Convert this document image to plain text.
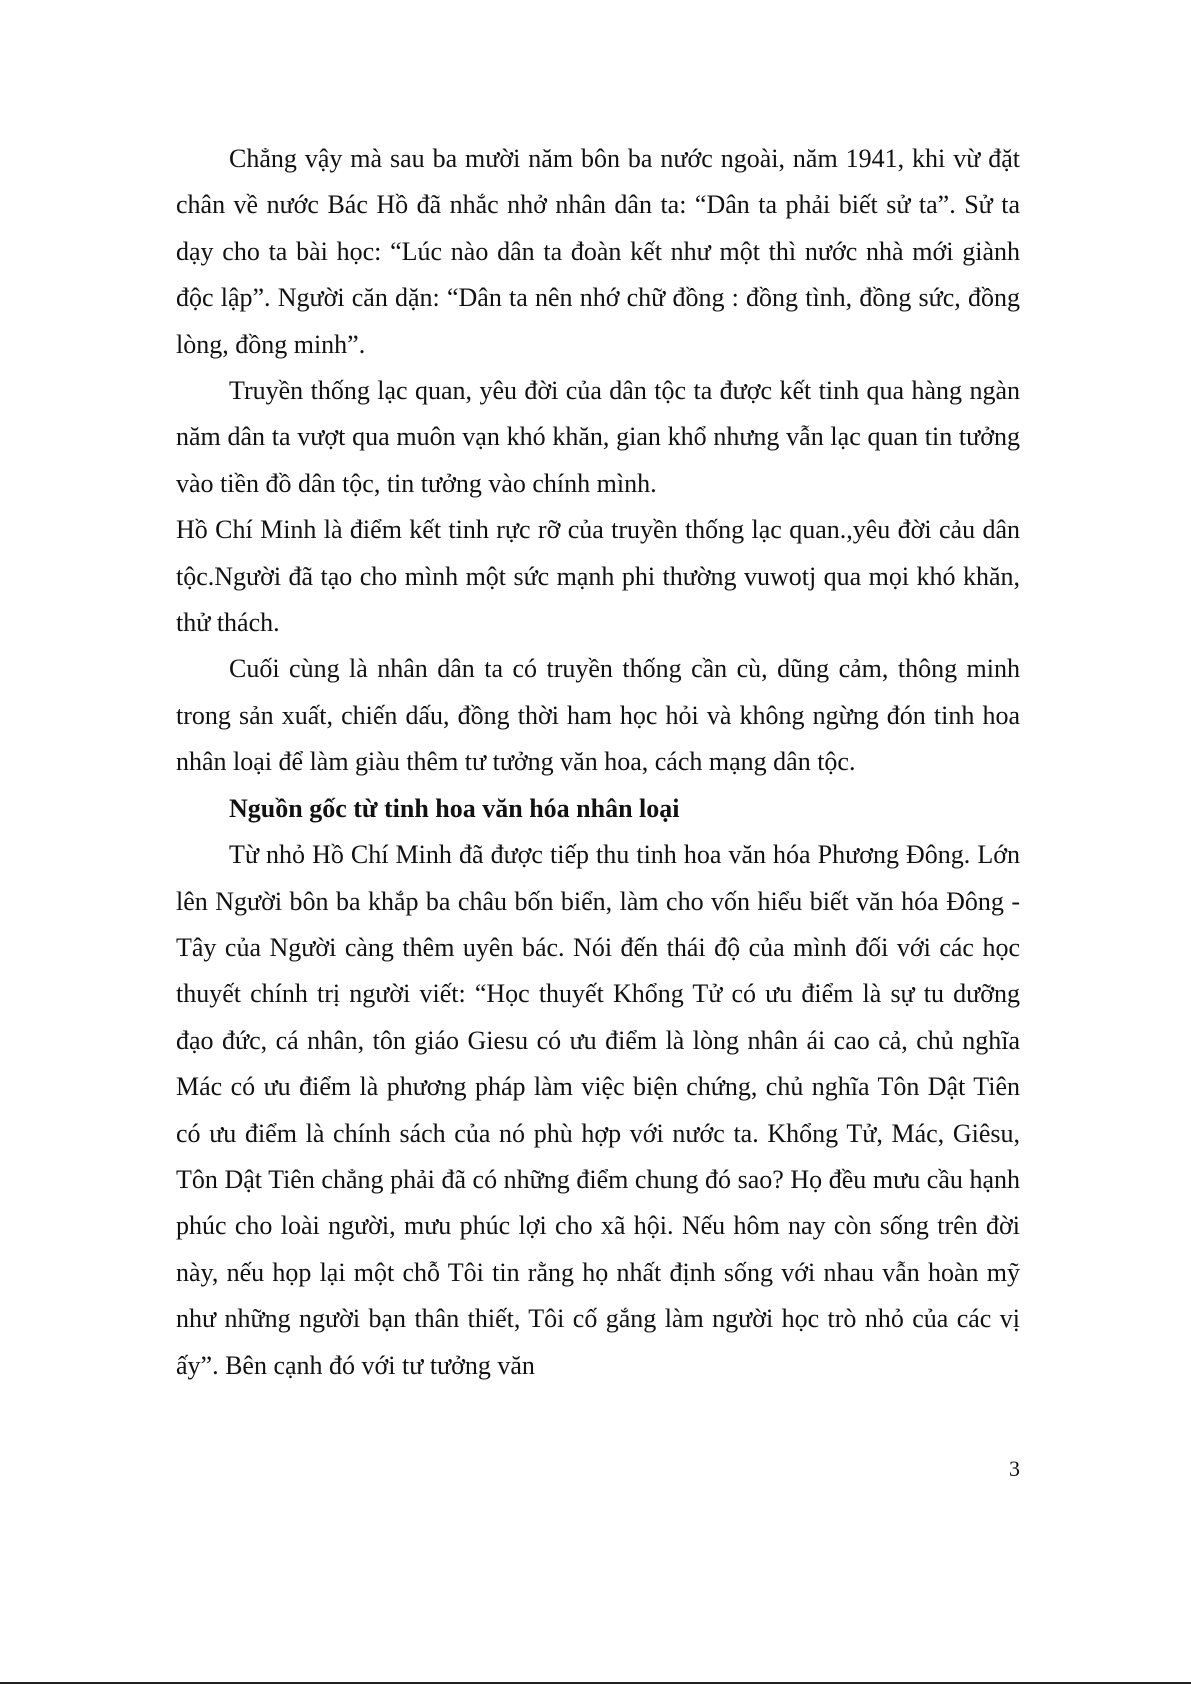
Chẳng vậy mà sau ba mười năm bôn ba nước ngoài, năm 1941, khi vừ đặt chân về nước Bác Hồ đã nhắc nhở nhân dân ta: “Dân ta phải biết sử ta”. Sử ta dạy cho ta bài học: “Lúc nào dân ta đoàn kết như một thì nước nhà mới giành độc lập”. Người căn dặn: “Dân ta nên nhớ chữ đồng : đồng tình, đồng sức, đồng lòng, đồng minh”.

Truyền thống lạc quan, yêu đời của dân tộc ta được kết tinh qua hàng ngàn năm dân ta vượt qua muôn vạn khó khăn, gian khổ nhưng vẫn lạc quan tin tưởng vào tiền đồ dân tộc, tin tưởng vào chính mình.

Hồ Chí Minh là điểm kết tinh rực rỡ của truyền thống lạc quan.,yêu đời cảu dân tộc.Người đã tạo cho mình một sức mạnh phi thường vuwotj qua mọi khó khăn, thử thách.

Cuối cùng là nhân dân ta có truyền thống cần cù, dũng cảm, thông minh trong sản xuất, chiến dấu, đồng thời ham học hỏi và không ngừng đón tinh hoa nhân loại để làm giàu thêm tư tưởng văn hoa, cách mạng dân tộc.

Nguồn gốc từ tinh hoa văn hóa nhân loại

Từ nhỏ Hồ Chí Minh đã được tiếp thu tinh hoa văn hóa Phương Đông. Lớn lên Người bôn ba khắp ba châu bốn biển, làm cho vốn hiểu biết văn hóa Đông - Tây của Người càng thêm uyên bác. Nói đến thái độ của mình đối với các học thuyết chính trị người viết: “Học thuyết Khổng Tử có ưu điểm là sự tu dưỡng đạo đức, cá nhân, tôn giáo Giesu có ưu điểm là lòng nhân ái cao cả, chủ nghĩa Mác có ưu điểm là phương pháp làm việc biện chứng, chủ nghĩa Tôn Dật Tiên có ưu điểm là chính sách của nó phù hợp với nước ta. Khổng Tử, Mác, Giêsu, Tôn Dật Tiên chẳng phải đã có những điểm chung đó sao? Họ đều mưu cầu hạnh phúc cho loài người, mưu phúc lợi cho xã hội. Nếu hôm nay còn sống trên đời này, nếu họp lại một chỗ Tôi tin rằng họ nhất định sống với nhau vẫn hoàn mỹ như những người bạn thân thiết, Tôi cố gắng làm người học trò nhỏ của các vị ấy”. Bên cạnh đó với tư tưởng văn

3
